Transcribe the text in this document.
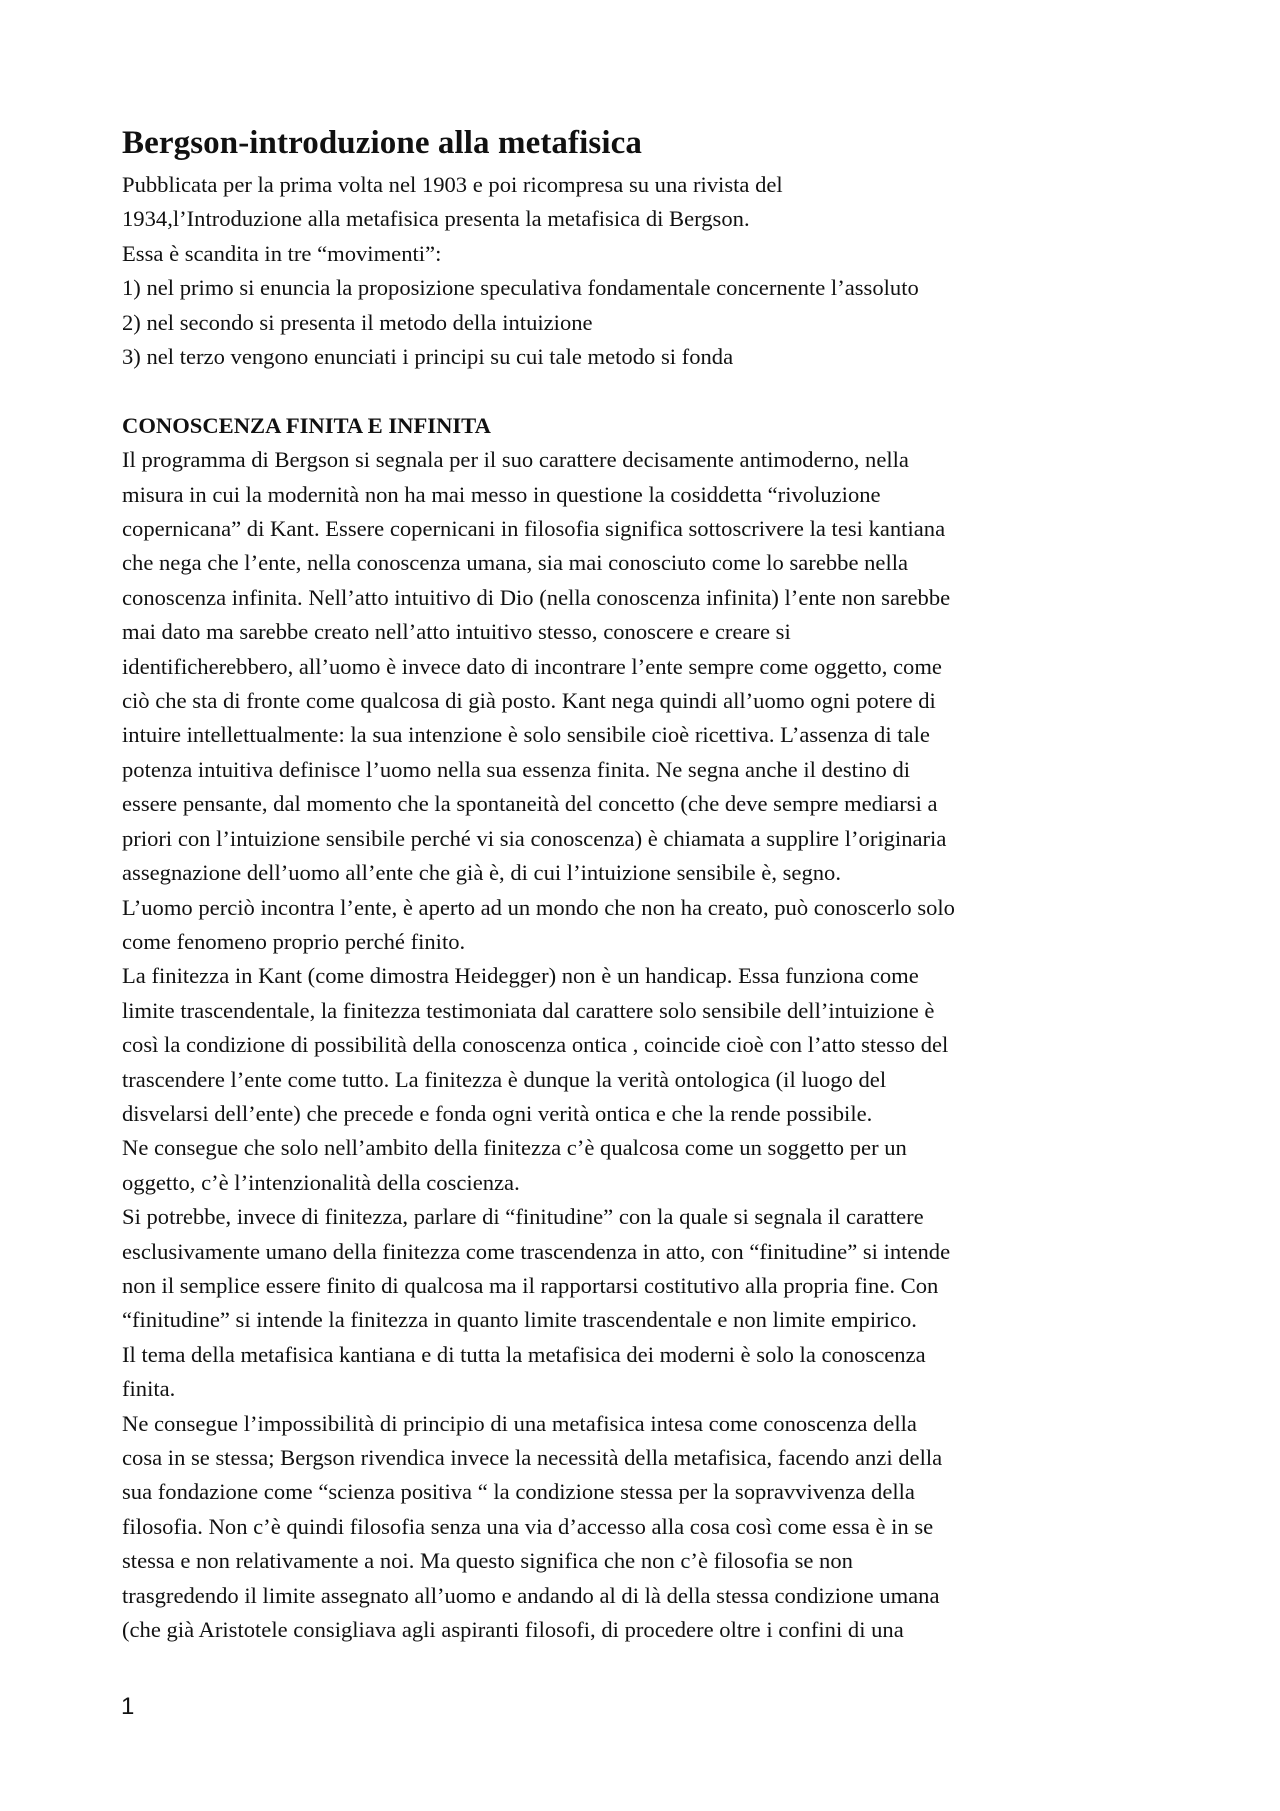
Bergson-introduzione alla metafisica

Pubblicata per la prima volta nel 1903 e poi ricompresa su una rivista del

1934,l’Introduzione alla metafisica presenta la metafisica di Bergson.

Essa è scandita in tre “movimenti”:

1) nel primo si enuncia la proposizione speculativa fondamentale concernente l’assoluto

2) nel secondo si presenta il metodo della intuizione

3) nel terzo vengono enunciati i principi su cui tale metodo si fonda

CONOSCENZA FINITA E INFINITA

Il programma di Bergson si segnala per il suo carattere decisamente antimoderno, nella

misura in cui la modernità non ha mai messo in questione la cosiddetta “rivoluzione

copernicana” di Kant. Essere copernicani in filosofia significa sottoscrivere la tesi kantiana

che nega che l’ente, nella conoscenza umana, sia mai conosciuto come lo sarebbe nella

conoscenza infinita. Nell’atto intuitivo di Dio (nella conoscenza infinita) l’ente non sarebbe

mai dato ma sarebbe creato nell’atto intuitivo stesso, conoscere e creare si

identificherebbero, all’uomo è invece dato di incontrare l’ente sempre come oggetto, come

ciò che sta di fronte come qualcosa di già posto. Kant nega quindi all’uomo ogni potere di

intuire intellettualmente: la sua intenzione è solo sensibile cioè ricettiva. L’assenza di tale

potenza intuitiva definisce l’uomo nella sua essenza finita. Ne segna anche il destino di

essere pensante, dal momento che la spontaneità del concetto (che deve sempre mediarsi a

priori con l’intuizione sensibile perché vi sia conoscenza) è chiamata a supplire l’originaria

assegnazione dell’uomo all’ente che già è, di cui l’intuizione sensibile è, segno.

L’uomo perciò incontra l’ente, è aperto ad un mondo che non ha creato, può conoscerlo solo

come fenomeno proprio perché finito.

La finitezza in Kant (come dimostra Heidegger) non è un handicap. Essa funziona come

limite trascendentale, la finitezza testimoniata dal carattere solo sensibile dell’intuizione è

così la condizione di possibilità della conoscenza ontica , coincide cioè con l’atto stesso del

trascendere l’ente come tutto. La finitezza è dunque la verità ontologica (il luogo del

disvelarsi dell’ente) che precede e fonda ogni verità ontica e che la rende possibile.

Ne consegue che solo nell’ambito della finitezza c’è qualcosa come un soggetto per un

oggetto, c’è l’intenzionalità della coscienza.

Si potrebbe, invece di finitezza, parlare di “finitudine” con la quale si segnala il carattere

esclusivamente umano della finitezza come trascendenza in atto, con “finitudine” si intende

non il semplice essere finito di qualcosa ma il rapportarsi costitutivo alla propria fine. Con

“finitudine” si intende la finitezza in quanto limite trascendentale e non limite empirico.

Il tema della metafisica kantiana e di tutta la metafisica dei moderni è solo la conoscenza

finita.

Ne consegue l’impossibilità di principio di una metafisica intesa come conoscenza della

cosa in se stessa; Bergson rivendica invece la necessità della metafisica, facendo anzi della

sua fondazione come “scienza positiva “ la condizione stessa per la sopravvivenza della

filosofia. Non c’è quindi filosofia senza una via d’accesso alla cosa così come essa è in se

stessa e non relativamente a noi. Ma questo significa che non c’è filosofia se non

trasgredendo il limite assegnato all’uomo e andando al di là della stessa condizione umana

(che già Aristotele consigliava agli aspiranti filosofi, di procedere oltre i confini di una

1
